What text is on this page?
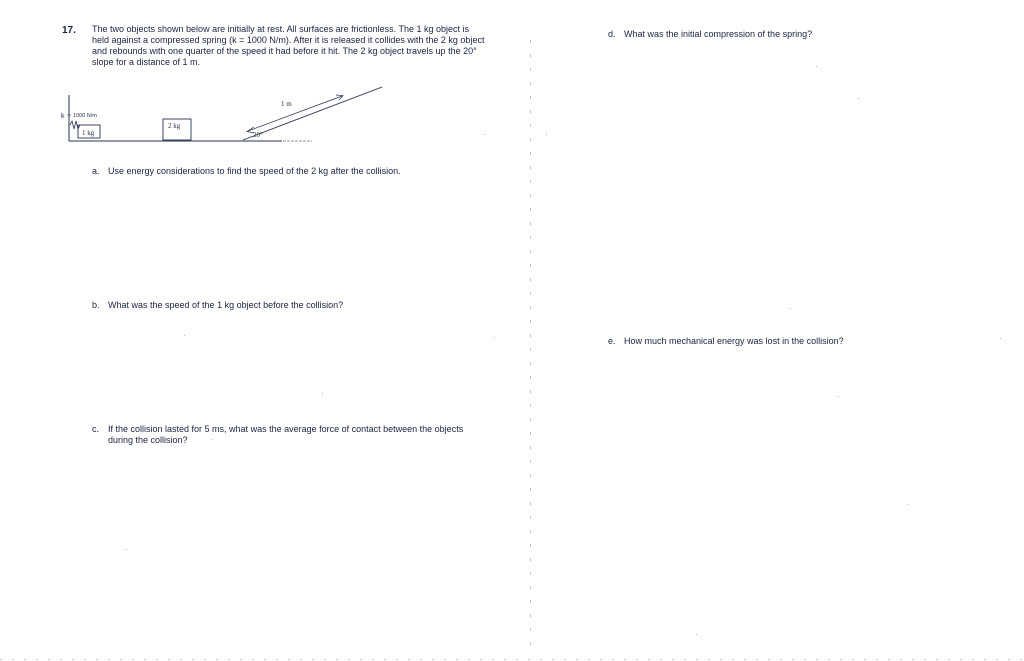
17. The two objects shown below are initially at rest. All surfaces are frictionless. The 1 kg object is

held against a compressed spring (k = 1000 N/m). After it is released it collides with the 2 kg object

and rebounds with one quarter of the speed it had before it hit. The 2 kg object travels up the 20°

slope for a distance of 1 m.

k 1000 N/m
1 kg
2 kg
1 m
20°
a. Use energy considerations to find the speed of the 2 kg after the collision.
b. What was the speed of the 1 kg object before the collision?
c. If the collision lasted for 5 ms, what was the average force of contact between the objects
during the collision?
d. What was the initial compression of the spring?
e. How much mechanical energy was lost in the collision?
